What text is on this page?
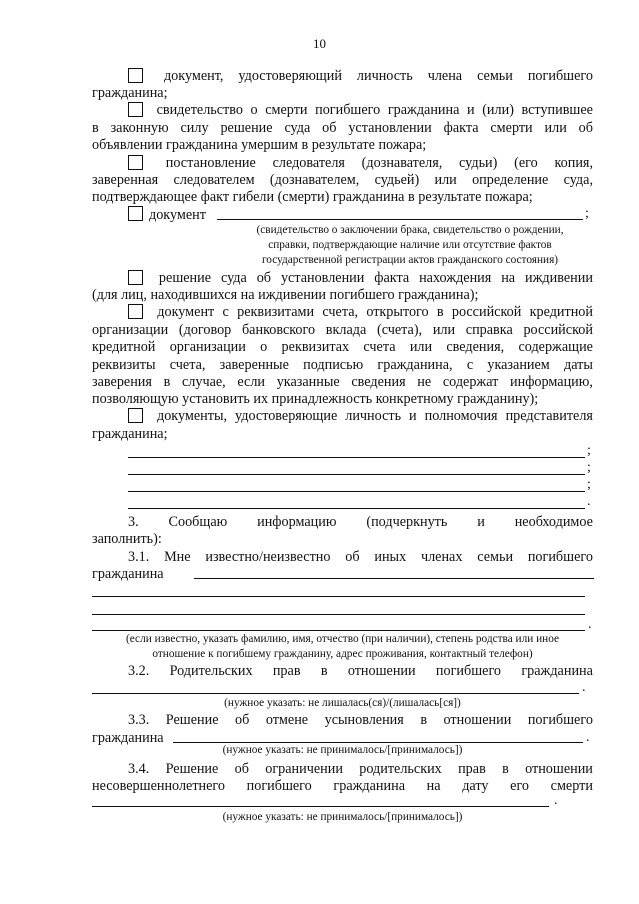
10
документ, удостоверяющий личность члена семьи погибшего
гражданина;
свидетельство о смерти погибшего гражданина и (или) вступившее
в законную силу решение суда об установлении факта смерти или об
объявлении гражданина умершим в результате пожара;
постановление следователя (дознавателя, судьи) (его копия,
заверенная следователем (дознавателем, судьей) или определение суда,
подтверждающее факт гибели (смерти) гражданина в результате пожара;
документ	;
(свидетельство о заключении брака, свидетельство о рождении,
справки, подтверждающие наличие или отсутствие фактов
государственной регистрации актов гражданского состояния)
решение суда об установлении факта нахождения на иждивении
(для лиц, находившихся на иждивении погибшего гражданина);
документ с реквизитами счета, открытого в российской кредитной
организации (договор банковского вклада (счета), или справка российской
кредитной организации о реквизитах счета или сведения, содержащие
реквизиты счета, заверенные подписью гражданина, с указанием даты
заверения в случае, если указанные сведения не содержат информацию,
позволяющую установить их принадлежность конкретному гражданину);
документы, удостоверяющие личность и полномочия представителя
гражданина;
;
;
;
.
3. Сообщаю информацию (подчеркнуть и необходимое
заполнить):
3.1. Мне известно/неизвестно об иных членах семьи погибшего
гражданина
.
(если известно, указать фамилию, имя, отчество (при наличии), степень родства или иное
отношение к погибшему гражданину, адрес проживания, контактный телефон)
3.2. Родительских прав в отношении погибшего гражданина
.
(нужное указать: не лишалась(ся)/(лишалась[ся])
3.3. Решение об отмене усыновления в отношении погибшего
гражданина	.
(нужное указать: не принималось/[принималось])
3.4. Решение об ограничении родительских прав в отношении
несовершеннолетнего погибшего гражданина на дату его смерти
.
(нужное указать: не принималось/[принималось])
